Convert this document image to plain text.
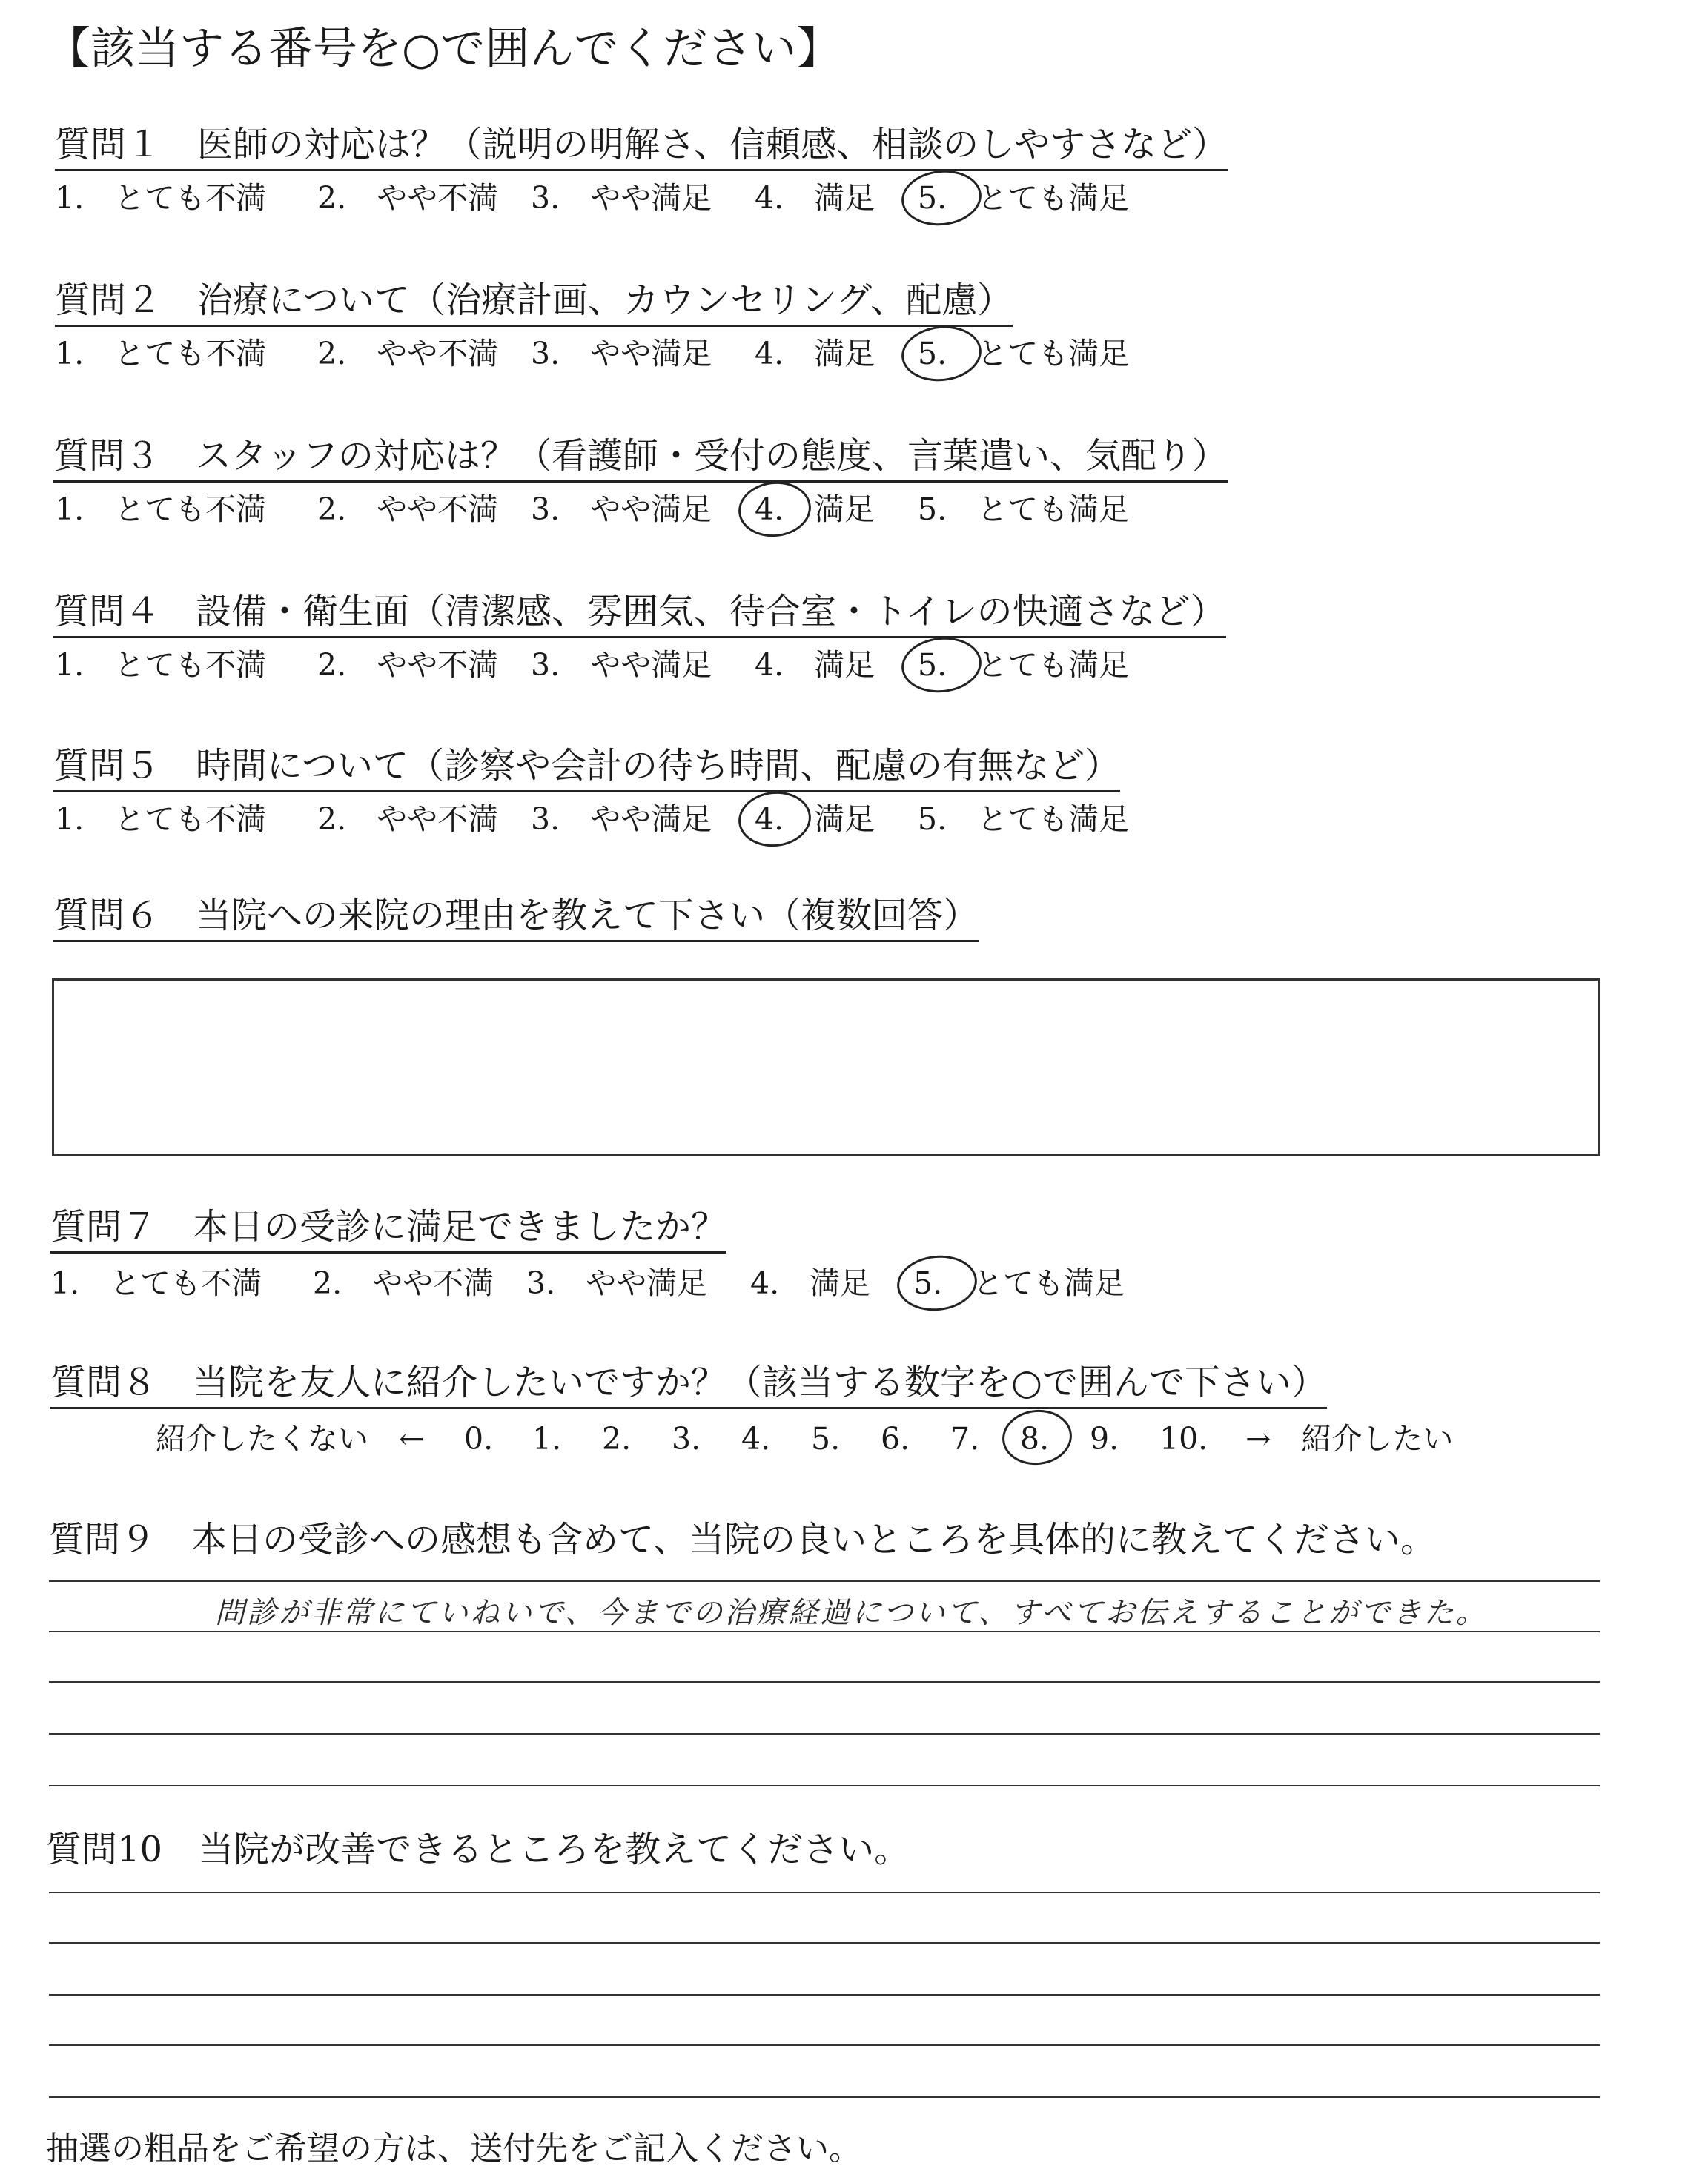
【該当する番号を○で囲んでください】
質問１　医師の対応は？（説明の明解さ、信頼感、相談のしやすさなど）
1.　とても不満 2.　やや不満 3.　やや満足 4.　満足 5.　とても満足
質問２　治療について（治療計画、カウンセリング、配慮）
1.　とても不満 2.　やや不満 3.　やや満足 4.　満足 5.　とても満足
質問３　スタッフの対応は？（看護師・受付の態度、言葉遣い、気配り）
1.　とても不満 2.　やや不満 3.　やや満足 4.　満足 5.　とても満足
質問４　設備・衛生面（清潔感、雰囲気、待合室・トイレの快適さなど）
1.　とても不満 2.　やや不満 3.　やや満足 4.　満足 5.　とても満足
質問５　時間について（診察や会計の待ち時間、配慮の有無など）
1.　とても不満 2.　やや不満 3.　やや満足 4.　満足 5.　とても満足
質問６　当院への来院の理由を教えて下さい（複数回答）
質問７　本日の受診に満足できましたか？
1.　とても不満 2.　やや不満 3.　やや満足 4.　満足 5.　とても満足
質問８　当院を友人に紹介したいですか？（該当する数字を○で囲んで下さい）
紹介したくない　← 0. 1. 2. 3. 4. 5. 6. 7. 8. 9. 10. →　紹介したい
質問９　本日の受診への感想も含めて、当院の良いところを具体的に教えてください。
問診が非常にていねいで、今までの治療経過について、すべてお伝えすることができた。
質問10　当院が改善できるところを教えてください。
抽選の粗品をご希望の方は、送付先をご記入ください。
